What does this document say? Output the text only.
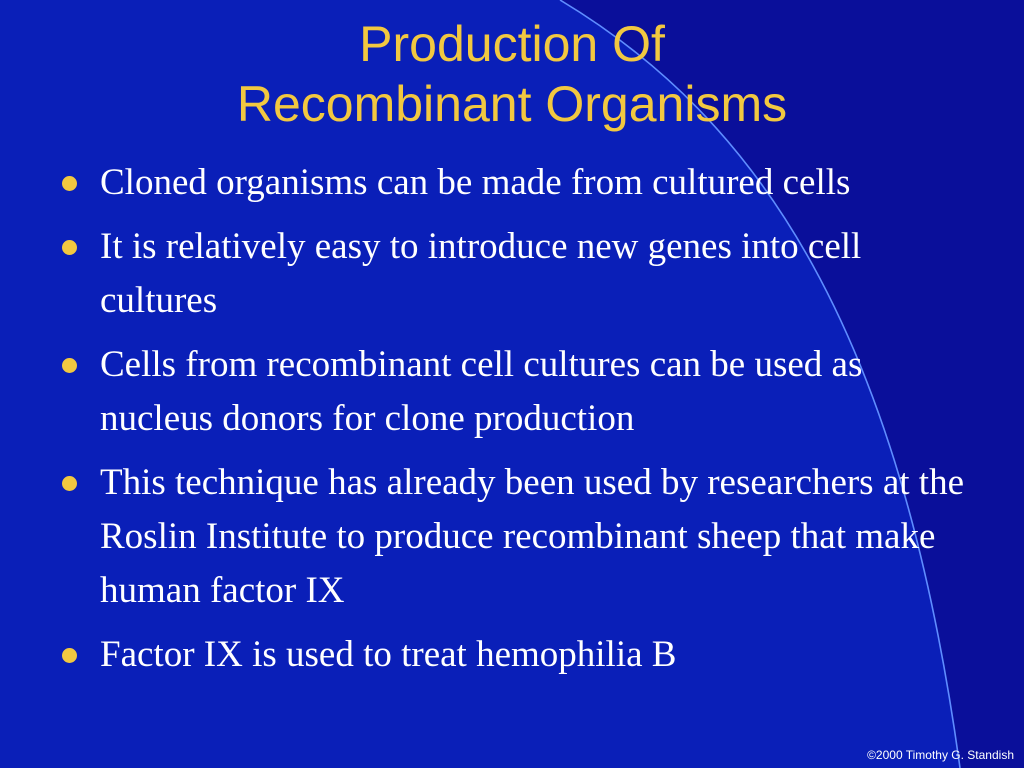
Production Of
Recombinant Organisms
Cloned organisms can be made from cultured cells
It is relatively easy to introduce new genes into cell cultures
Cells from recombinant cell cultures can be used as nucleus donors for clone production
This technique has already been used by researchers at the Roslin Institute to produce recombinant sheep that make human factor IX
Factor IX is used to treat hemophilia B
©2000 Timothy G. Standish
